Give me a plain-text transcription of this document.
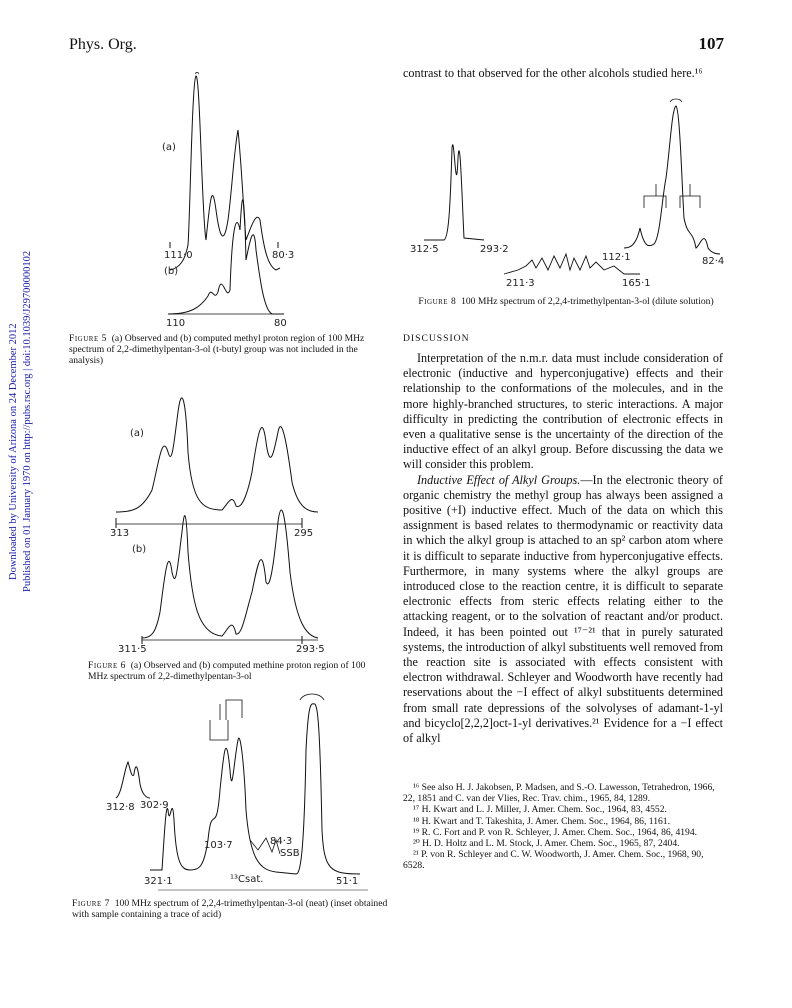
Phys. Org.	107
Downloaded by University of Arizona on 24 December 2012 Published on 01 January 1970 on http://pubs.rsc.org | doi:10.1039/J29700000102
(a)
(b)
111·0	80·3
110	80
Figure 5 (a) Observed and (b) computed methyl proton region of 100 MHz spectrum of 2,2-dimethylpentan-3-ol (t-butyl group was not included in the analysis)
(a)
(b)
313	295
311·5	293·5
Figure 6 (a) Observed and (b) computed methine proton region of 100 MHz spectrum of 2,2-dimethylpentan-3-ol
312·8 302·9
103·7	84·3
SSB
321·1	¹³Csat.	51·1
Figure 7 100 MHz spectrum of 2,2,4-trimethylpentan-3-ol (neat) (inset obtained with sample containing a trace of acid)
contrast to that observed for the other alcohols studied here.¹⁶
312·5	293·2
112·1	82·4
211·3	165·1
Figure 8 100 MHz spectrum of 2,2,4-trimethylpentan-3-ol (dilute solution)
DISCUSSION

Interpretation of the n.m.r. data must include consideration of electronic (inductive and hyperconjugative) effects and their relationship to the conformations of the molecules, and in the more highly-branched structures, to steric interactions. A major difficulty in predicting the contribution of electronic effects in even a qualitative sense is the uncertainty of the direction of the inductive effect of an alkyl group. Before discussing the data we will consider this problem.

Inductive Effect of Alkyl Groups.—In the electronic theory of organic chemistry the methyl group has always been assigned a positive (+I) inductive effect. Much of the data on which this assignment is based relates to thermodynamic or reactivity data in which the alkyl group is attached to an sp² carbon atom where it is difficult to separate inductive from hyperconjugative effects. Furthermore, in many systems where the alkyl groups are introduced close to the reaction centre, it is difficult to separate electronic effects from steric effects relating either to the attacking reagent, or to the solvation of reactant and/or product. Indeed, it has been pointed out ¹⁷⁻²¹ that in purely saturated systems, the introduction of alkyl substituents well removed from the reaction site is associated with effects consistent with electron withdrawal. Schleyer and Woodworth have recently had reservations about the −I effect of alkyl substituents determined from small rate depressions of the solvolyses of adamant-1-yl and bicyclo[2,2,2]oct-1-yl derivatives.²¹ Evidence for a −I effect of alkyl

¹⁶ See also H. J. Jakobsen, P. Madsen, and S.-O. Lawesson, Tetrahedron, 1966, 22, 1851 and C. van der Vlies, Rec. Trav. chim., 1965, 84, 1289.

¹⁷ H. Kwart and L. J. Miller, J. Amer. Chem. Soc., 1964, 83, 4552.

¹⁸ H. Kwart and T. Takeshita, J. Amer. Chem. Soc., 1964, 86, 1161.

¹⁹ R. C. Fort and P. von R. Schleyer, J. Amer. Chem. Soc., 1964, 86, 4194.

²⁰ H. D. Holtz and L. M. Stock, J. Amer. Chem. Soc., 1965, 87, 2404.

²¹ P. von R. Schleyer and C. W. Woodworth, J. Amer. Chem. Soc., 1968, 90, 6528.
